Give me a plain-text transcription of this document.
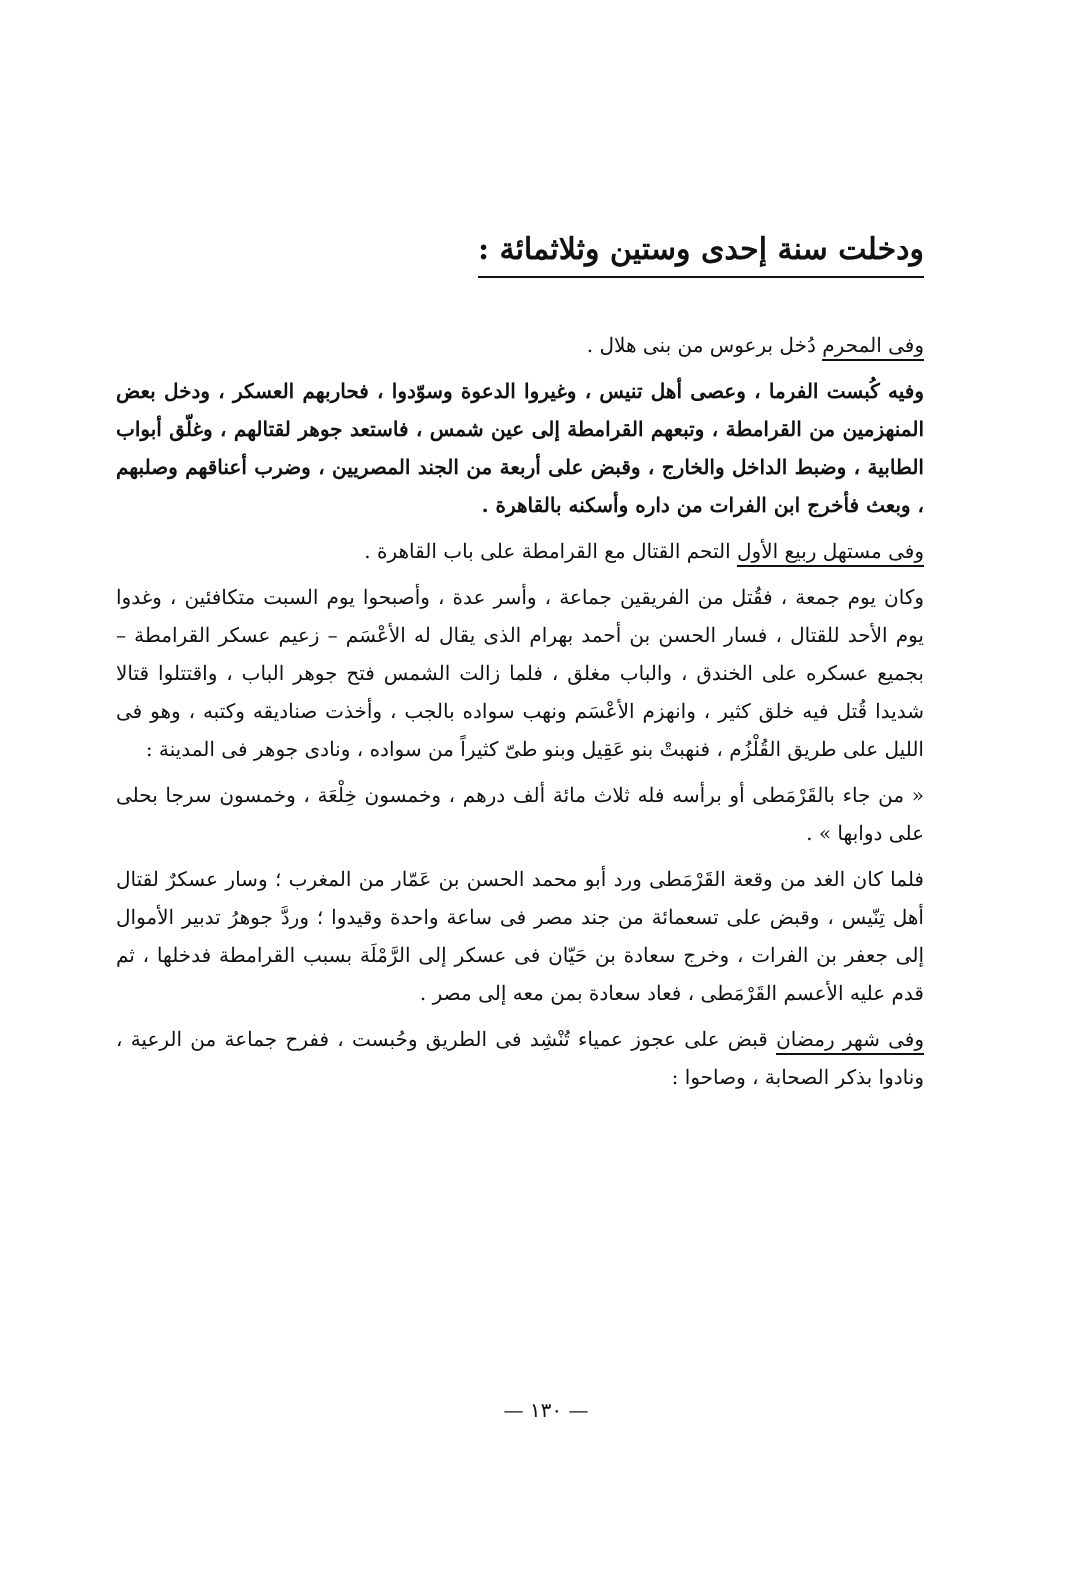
ودخلت سنة إحدى وستين وثلاثمائة :

وفى المحرم دُخل برعوس من بنى هلال .

وفيه كُبست الفرما ، وعصى أهل تنيس ، وغيروا الدعوة وسوّدوا ، فحاربهم العسكر ، ودخل بعض المنهزمين من القرامطة ، وتبعهم القرامطة إلى عين شمس ، فاستعد جوهر لقتالهم ، وغلّق أبواب الطابية ، وضبط الداخل والخارج ، وقبض على أربعة من الجند المصريين ، وضرب أعناقهم وصلبهم ، وبعث فأخرج ابن الفرات من داره وأسكنه بالقاهرة .

وفى مستهل ربيع الأول التحم القتال مع القرامطة على باب القاهرة .

وكان يوم جمعة ، فقُتل من الفريقين جماعة ، وأسر عدة ، وأصبحوا يوم السبت متكافئين ، وغدوا يوم الأحد للقتال ، فسار الحسن بن أحمد بهرام الذى يقال له الأعْسَم – زعيم عسكر القرامطة – بجميع عسكره على الخندق ، والباب مغلق ، فلما زالت الشمس فتح جوهر الباب ، واقتتلوا قتالا شديدا قُتل فيه خلق كثير ، وانهزم الأعْسَم ونهب سواده بالجب ، وأخذت صناديقه وكتبه ، وهو فى الليل على طريق القُلْزُم ، فنهبتْ بنو عَقِيل وبنو طىّ كثيراً من سواده ، ونادى جوهر فى المدينة :

« من جاء بالقَرْمَطى أو برأسه فله ثلاث مائة ألف درهم ، وخمسون خِلْعَة ، وخمسون سرجا بحلى على دوابها » .

فلما كان الغد من وقعة القَرْمَطى ورد أبو محمد الحسن بن عَمّار من المغرب ؛ وسار عسكرٌ لقتال أهل تِنّيس ، وقبض على تسعمائة من جند مصر فى ساعة واحدة وقيدوا ؛ وردَّ جوهرُ تدبير الأموال إلى جعفر بن الفرات ، وخرج سعادة بن حَيّان فى عسكر إلى الرَّمْلَة بسبب القرامطة فدخلها ، ثم قدم عليه الأعسم القَرْمَطى ، فعاد سعادة بمن معه إلى مصر .

وفى شهر رمضان قبض على عجوز عمياء تُنْشِد فى الطريق وحُبست ، ففرح جماعة من الرعية ، ونادوا بذكر الصحابة ، وصاحوا :

— ١٣٠ —
